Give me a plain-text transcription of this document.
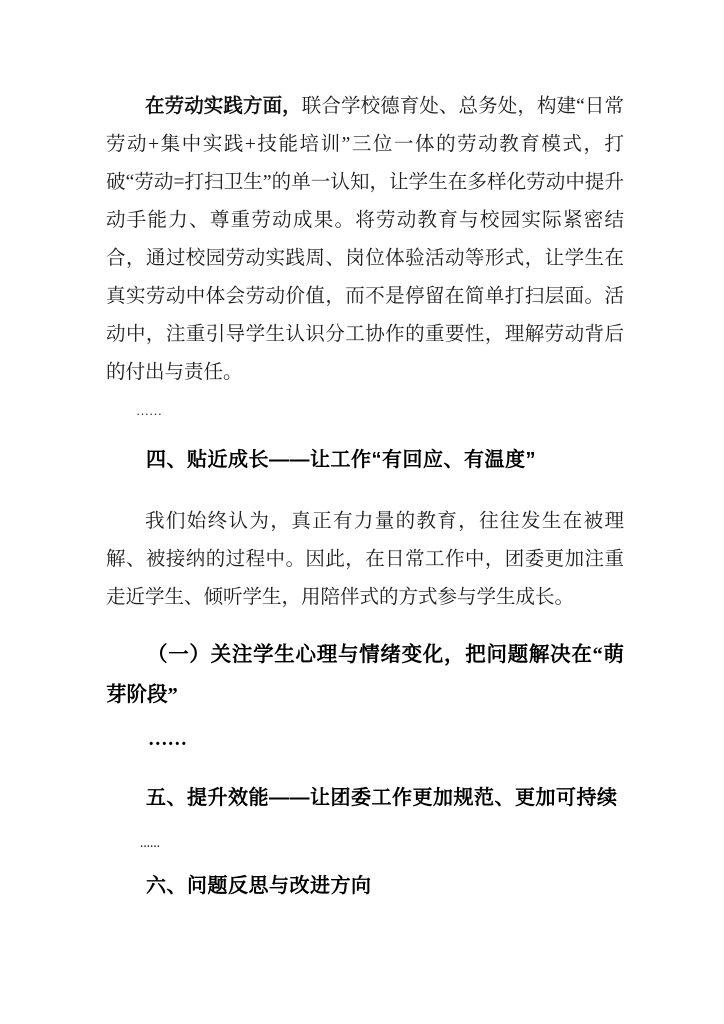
在劳动实践方面，联合学校德育处、总务处，构建“日常劳动+集中实践+技能培训”三位一体的劳动教育模式，打破“劳动=打扫卫生”的单一认知，让学生在多样化劳动中提升动手能力、尊重劳动成果。将劳动教育与校园实际紧密结合，通过校园劳动实践周、岗位体验活动等形式，让学生在真实劳动中体会劳动价值，而不是停留在简单打扫层面。活动中，注重引导学生认识分工协作的重要性，理解劳动背后的付出与责任。

……

四、贴近成长——让工作“有回应、有温度”

我们始终认为，真正有力量的教育，往往发生在被理解、被接纳的过程中。因此，在日常工作中，团委更加注重走近学生、倾听学生，用陪伴式的方式参与学生成长。

（一）关注学生心理与情绪变化，把问题解决在“萌芽阶段”

……

五、提升效能——让团委工作更加规范、更加可持续

……

六、问题反思与改进方向
